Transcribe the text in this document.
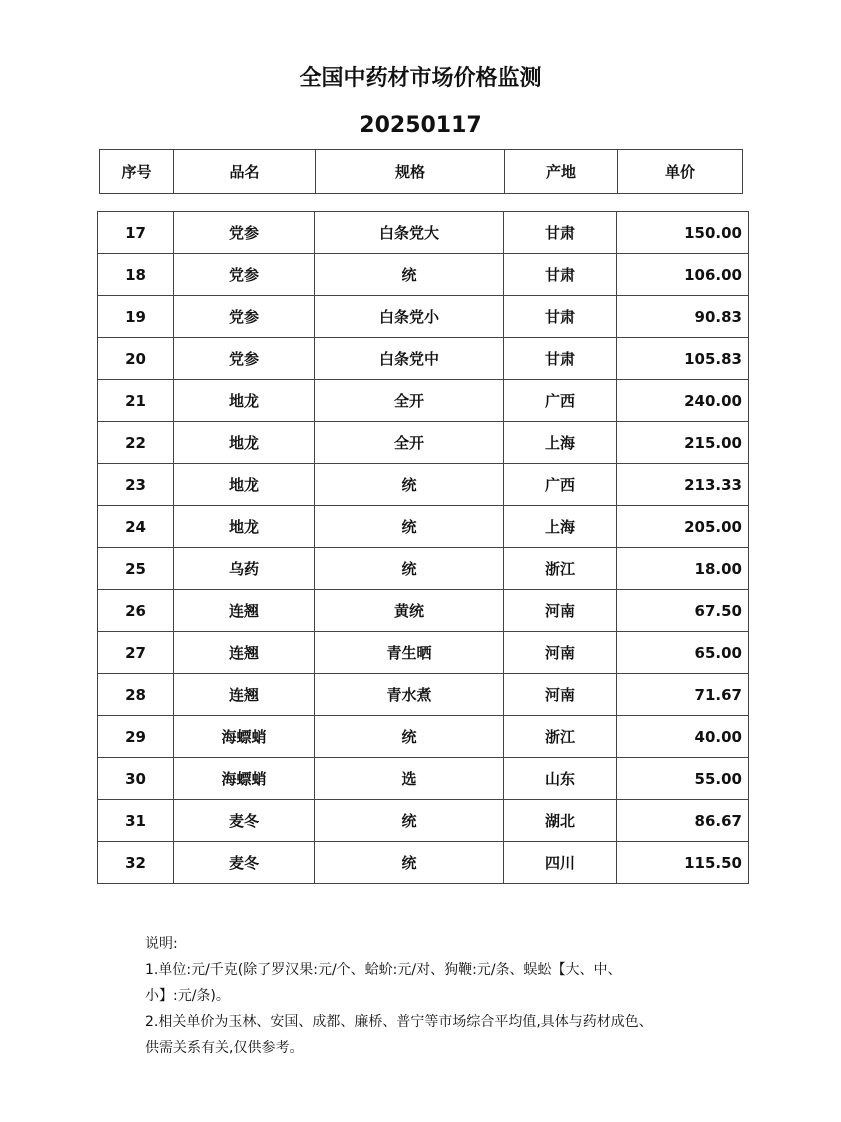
全国中药材市场价格监测
20250117
序号	品名	规格	产地	单价
17	党参	白条党大	甘肃	150.00
18	党参	统	甘肃	106.00
19	党参	白条党小	甘肃	90.83
20	党参	白条党中	甘肃	105.83
21	地龙	全开	广西	240.00
22	地龙	全开	上海	215.00
23	地龙	统	广西	213.33
24	地龙	统	上海	205.00
25	乌药	统	浙江	18.00
26	连翘	黄统	河南	67.50
27	连翘	青生晒	河南	65.00
28	连翘	青水煮	河南	71.67
29	海螵蛸	统	浙江	40.00
30	海螵蛸	选	山东	55.00
31	麦冬	统	湖北	86.67
32	麦冬	统	四川	115.50
说明:
1.单位:元/千克(除了罗汉果:元/个、蛤蚧:元/对、狗鞭:元/条、蜈蚣【大、中、
小】:元/条)。
2.相关单价为玉林、安国、成都、廉桥、普宁等市场综合平均值,具体与药材成色、
供需关系有关,仅供参考。
